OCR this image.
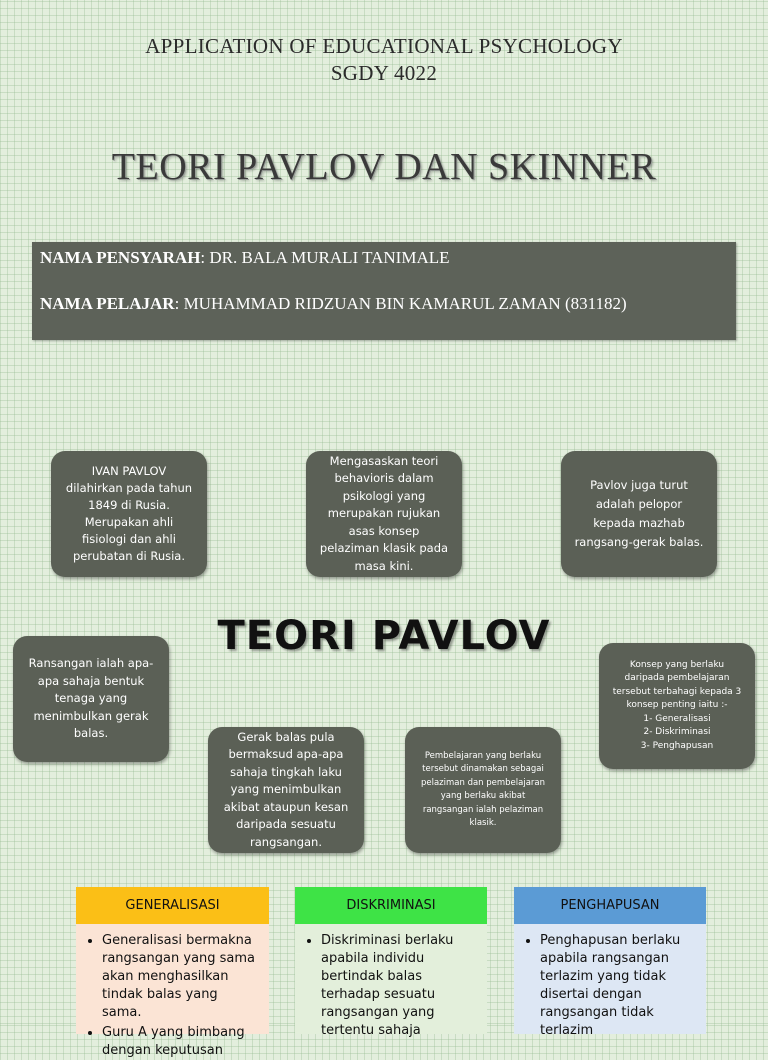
APPLICATION OF EDUCATIONAL PSYCHOLOGY
SGDY 4022
TEORI PAVLOV DAN SKINNER
NAMA PENSYARAH: DR. BALA MURALI TANIMALE
NAMA PELAJAR: MUHAMMAD RIDZUAN BIN KAMARUL ZAMAN (831182)
IVAN PAVLOV
dilahirkan pada tahun
1849 di Rusia.
Merupakan ahli
fisiologi dan ahli
perubatan di Rusia.
Mengasaskan teori
behavioris dalam
psikologi yang
merupakan rujukan
asas konsep
pelaziman klasik pada
masa kini.
Pavlov juga turut
adalah pelopor
kepada mazhab
rangsang-gerak balas.
TEORI PAVLOV
Ransangan ialah apa-
apa sahaja bentuk
tenaga yang
menimbulkan gerak
balas.
Konsep yang berlaku
daripada pembelajaran
tersebut terbahagi kepada 3
konsep penting iaitu :-
1- Generalisasi
2- Diskriminasi
3- Penghapusan
Gerak balas pula
bermaksud apa-apa
sahaja tingkah laku
yang menimbulkan
akibat ataupun kesan
daripada sesuatu
rangsangan.
Pembelajaran yang berlaku
tersebut dinamakan sebagai
pelaziman dan pembelajaran
yang berlaku akibat
rangsangan ialah pelaziman
klasik.
GENERALISASI
• Generalisasi bermakna rangsangan yang sama akan menghasilkan tindak balas yang sama.
• Guru A yang bimbang dengan keputusan
DISKRIMINASI
• Diskriminasi berlaku apabila individu bertindak balas terhadap sesuatu rangsangan yang tertentu sahaja
PENGHAPUSAN
• Penghapusan berlaku apabila rangsangan terlazim yang tidak disertai dengan rangsangan tidak terlazim
